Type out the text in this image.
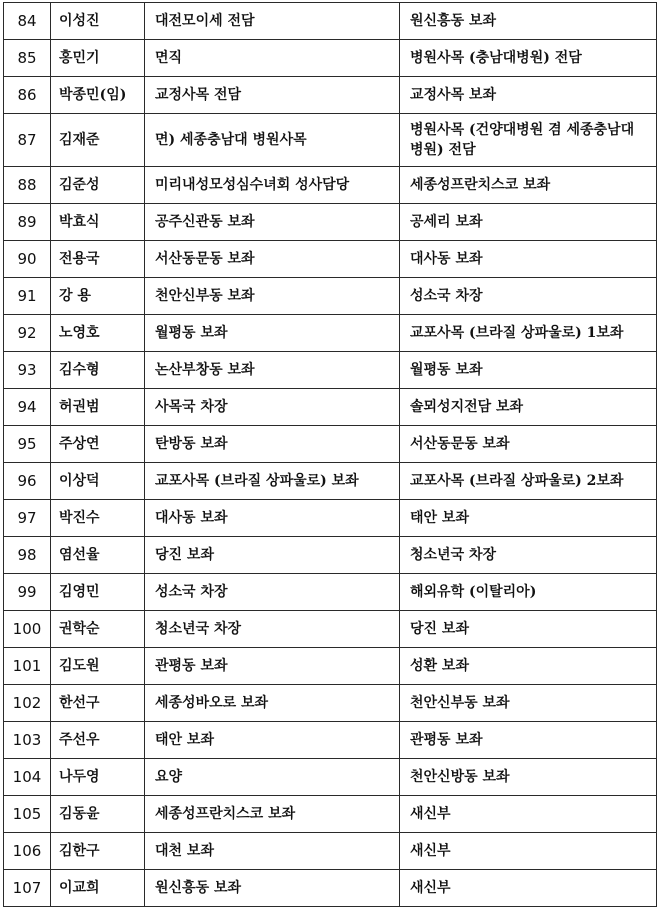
84	이성진	대전모이세 전담	원신흥동 보좌
85	홍민기	면직	병원사목 (충남대병원) 전담
86	박종민(임)	교정사목 전담	교정사목 보좌
87	김재준	면) 세종충남대 병원사목	병원사목 (건양대병원 겸 세종충남대 병원) 전담
88	김준성	미리내성모성심수녀회 성사담당	세종성프란치스코 보좌
89	박효식	공주신관동 보좌	공세리 보좌
90	전용국	서산동문동 보좌	대사동 보좌
91	강 용	천안신부동 보좌	성소국 차장
92	노영호	월평동 보좌	교포사목 (브라질 상파울로) 1보좌
93	김수형	논산부창동 보좌	월평동 보좌
94	허권범	사목국 차장	솔뫼성지전담 보좌
95	주상연	탄방동 보좌	서산동문동 보좌
96	이상덕	교포사목 (브라질 상파울로) 보좌	교포사목 (브라질 상파울로) 2보좌
97	박진수	대사동 보좌	태안 보좌
98	염선율	당진 보좌	청소년국 차장
99	김영민	성소국 차장	해외유학 (이탈리아)
100	권학순	청소년국 차장	당진 보좌
101	김도원	관평동 보좌	성환 보좌
102	한선구	세종성바오로 보좌	천안신부동 보좌
103	주선우	태안 보좌	관평동 보좌
104	나두영	요양	천안신방동 보좌
105	김동윤	세종성프란치스코 보좌	새신부
106	김한구	대천 보좌	새신부
107	이교희	원신흥동 보좌	새신부
